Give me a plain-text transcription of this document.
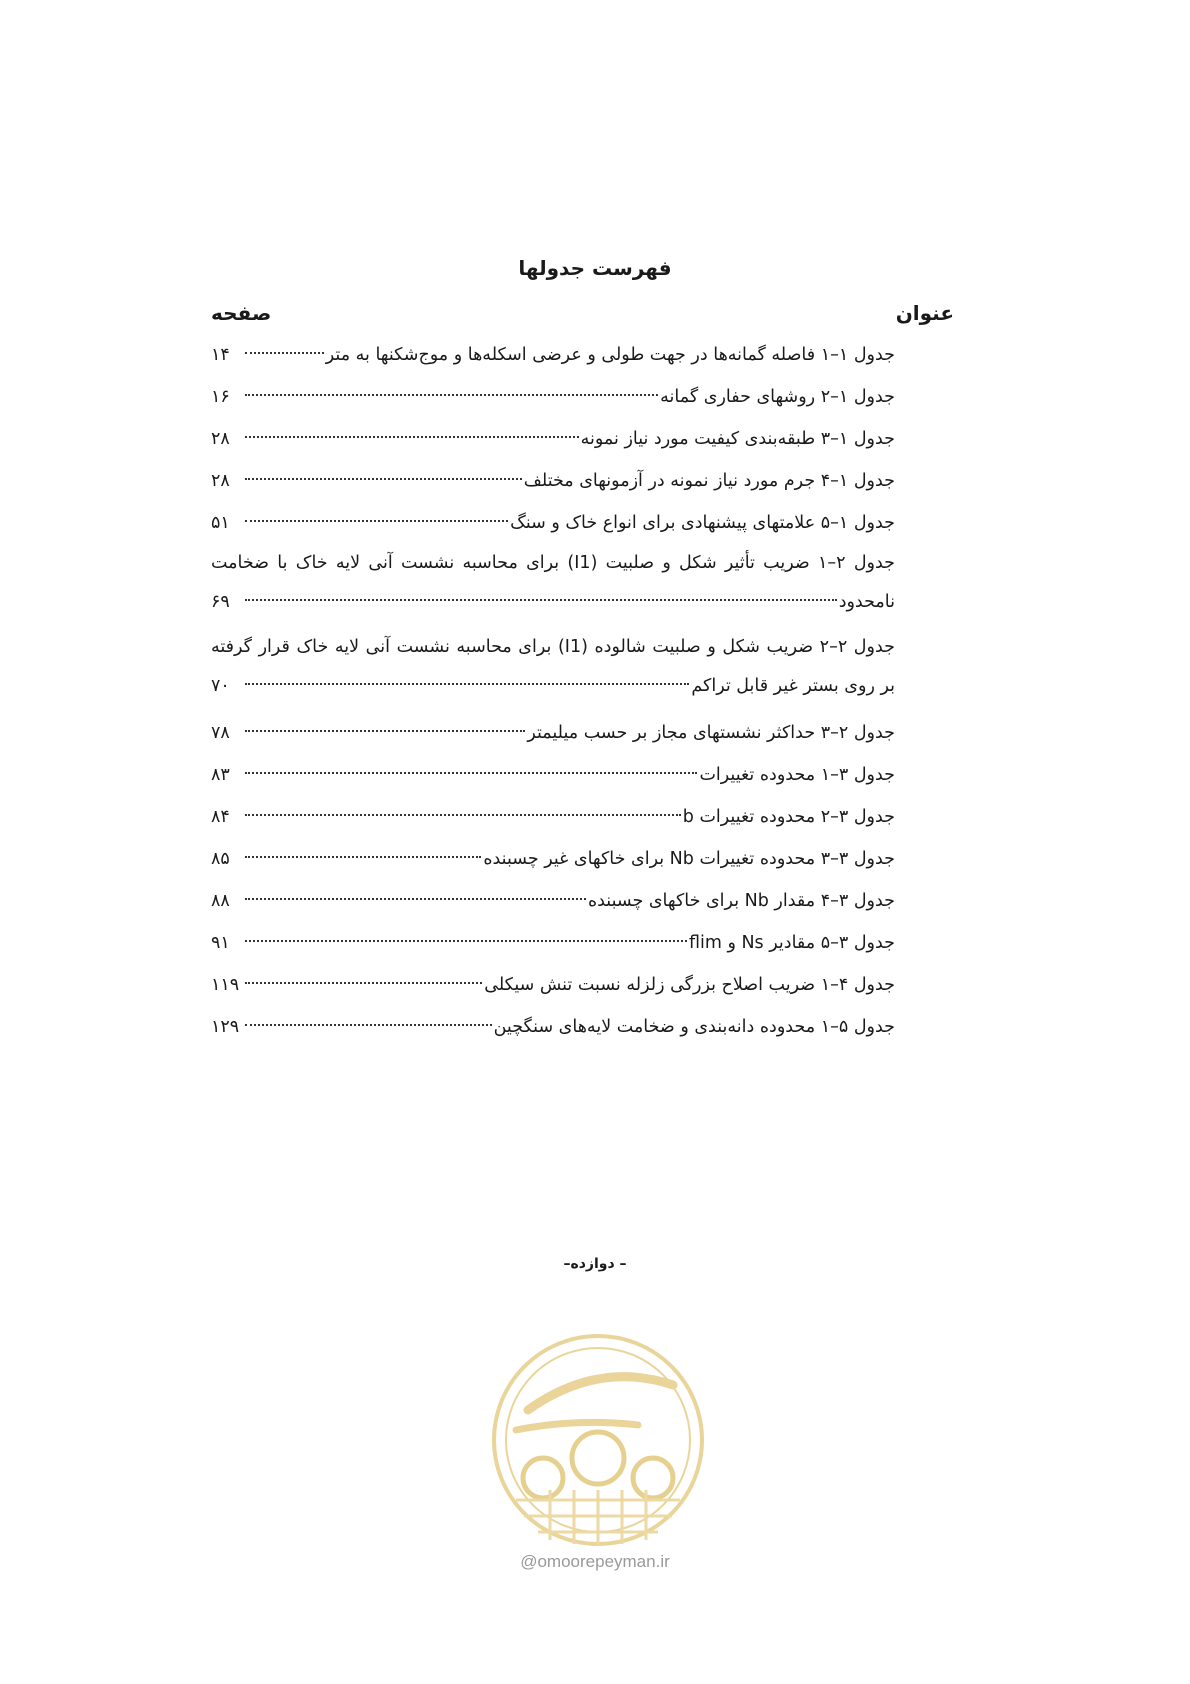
فهرست جدولها
عنوان
صفحه
جدول ۱–۱ فاصله گمانه‌ها در جهت طولی و عرضی اسکله‌ها و موج‌شکنها به متر
۱۴
جدول ۱–۲ روشهای حفاری گمانه
۱۶
جدول ۱–۳ طبقه‌بندی کیفیت مورد نیاز نمونه
۲۸
جدول ۱–۴ جرم مورد نیاز نمونه در آزمونهای مختلف
۲۸
جدول ۱–۵ علامتهای پیشنهادی برای انواع خاک و سنگ
۵۱
جدول ۲–۱ ضریب تأثیر شکل و صلبیت (I1) برای محاسبه نشست آنی لایه خاک با ضخامت
نامحدود
۶۹
جدول ۲–۲ ضریب شکل و صلبیت شالوده (I1) برای محاسبه نشست آنی لایه خاک قرار گرفته
بر روی بستر غیر قابل تراکم
۷۰
جدول ۲–۳ حداکثر نشستهای مجاز بر حسب میلیمتر
۷۸
جدول ۳–۱ محدوده تغییرات
۸۳
جدول ۳–۲ محدوده تغییرات b
۸۴
جدول ۳–۳ محدوده تغییرات Nb برای خاکهای غیر چسبنده
۸۵
جدول ۳–۴ مقدار Nb برای خاکهای چسبنده
۸۸
جدول ۳–۵ مقادیر Ns و flim
۹۱
جدول ۴–۱ ضریب اصلاح بزرگی زلزله نسبت تنش سیکلی
۱۱۹
جدول ۵–۱ محدوده دانه‌بندی و ضخامت لایه‌های سنگچین
۱۲۹
– دوازده–
@omoorepeyman.ir
